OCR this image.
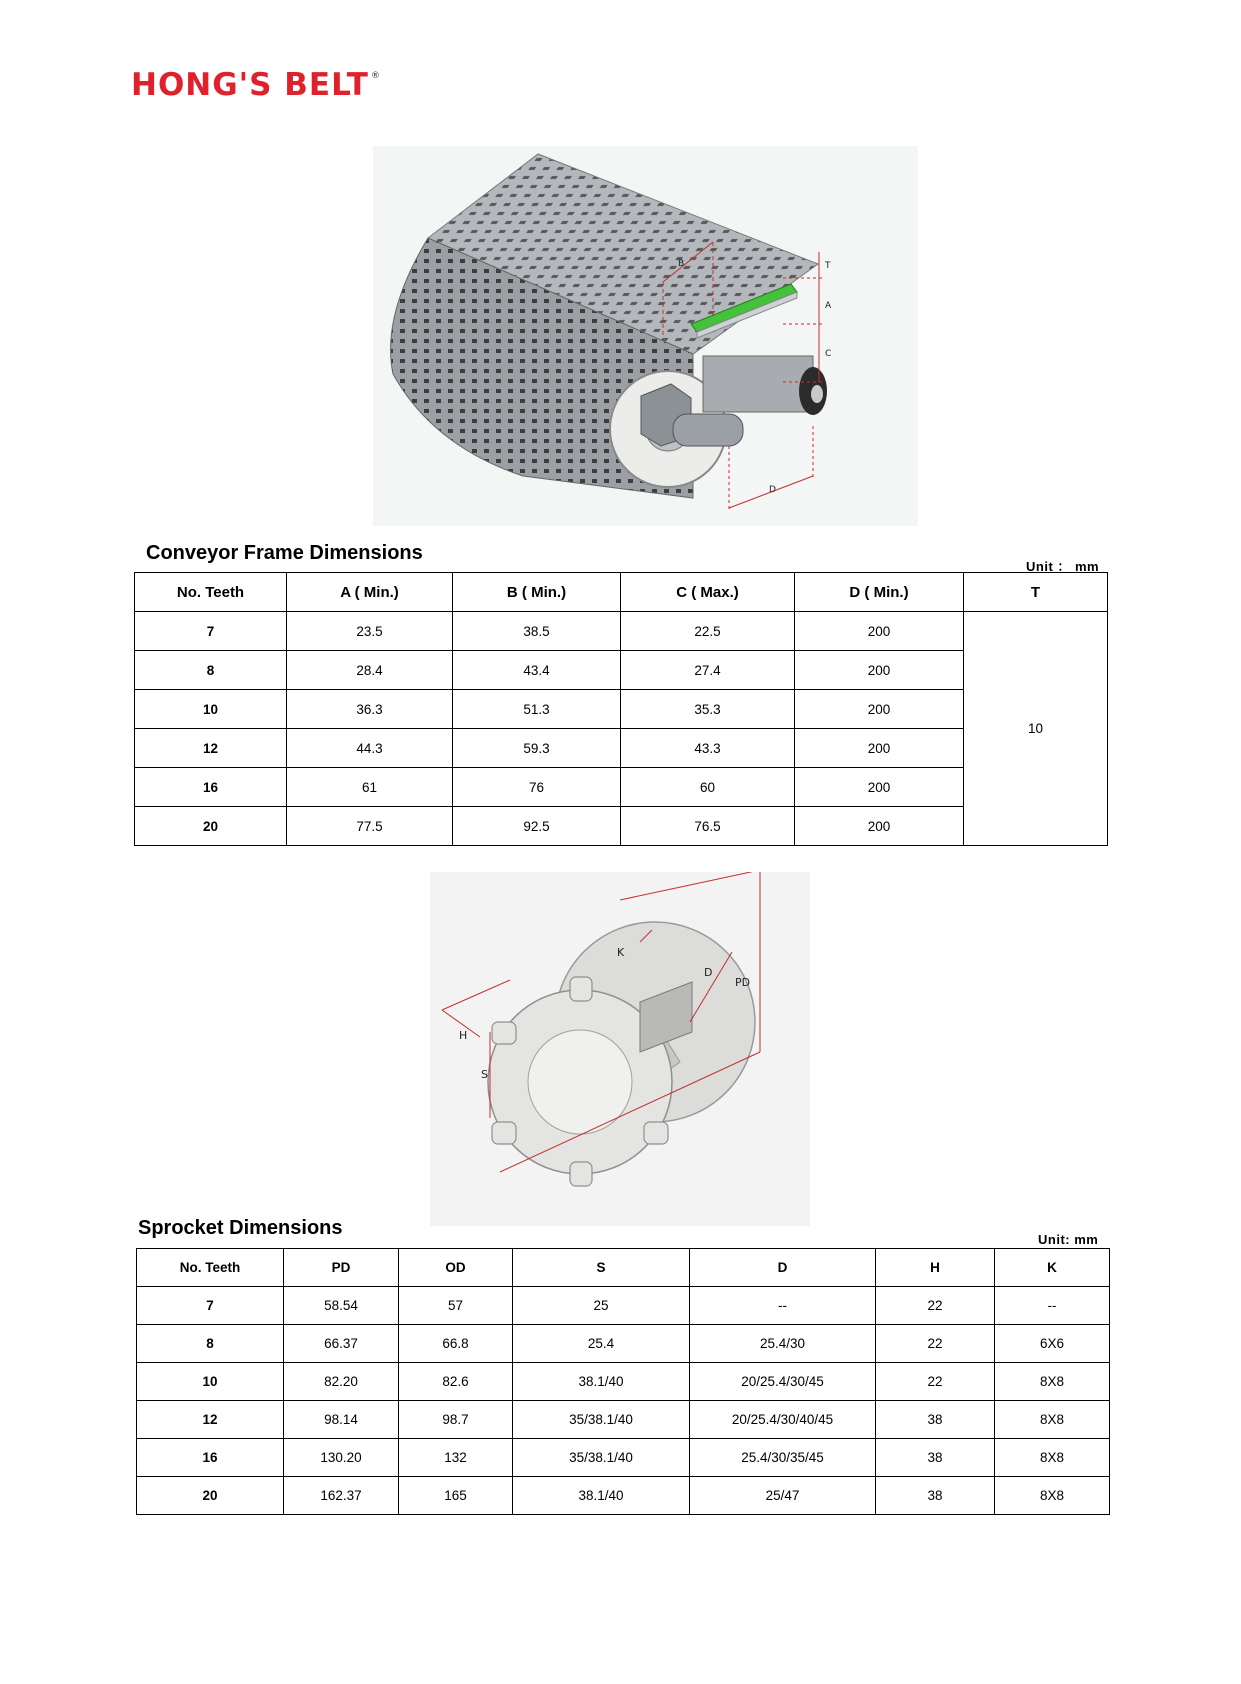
HONG'S BELT ®
B	T
A
C
D
Conveyor Frame Dimensions
Unit ： mm
No. Teeth	A ( Min.)	B ( Min.)	C ( Max.)	D ( Min.)	T
7	23.5	38.5	22.5	200	10
8	28.4	43.4	27.4	200	
10	36.3	51.3	35.3	200	
12	44.3	59.3	43.3	200	
16	61	76	60	200	
20	77.5	92.5	76.5	200	
K
D
PD
H
S
Sprocket Dimensions
Unit: mm
No. Teeth	PD	OD	S	D	H	K
7	58.54	57	25	--	22	--
8	66.37	66.8	25.4	25.4/30	22	6X6
10	82.20	82.6	38.1/40	20/25.4/30/45	22	8X8
12	98.14	98.7	35/38.1/40	20/25.4/30/40/45	38	8X8
16	130.20	132	35/38.1/40	25.4/30/35/45	38	8X8
20	162.37	165	38.1/40	25/47	38	8X8
